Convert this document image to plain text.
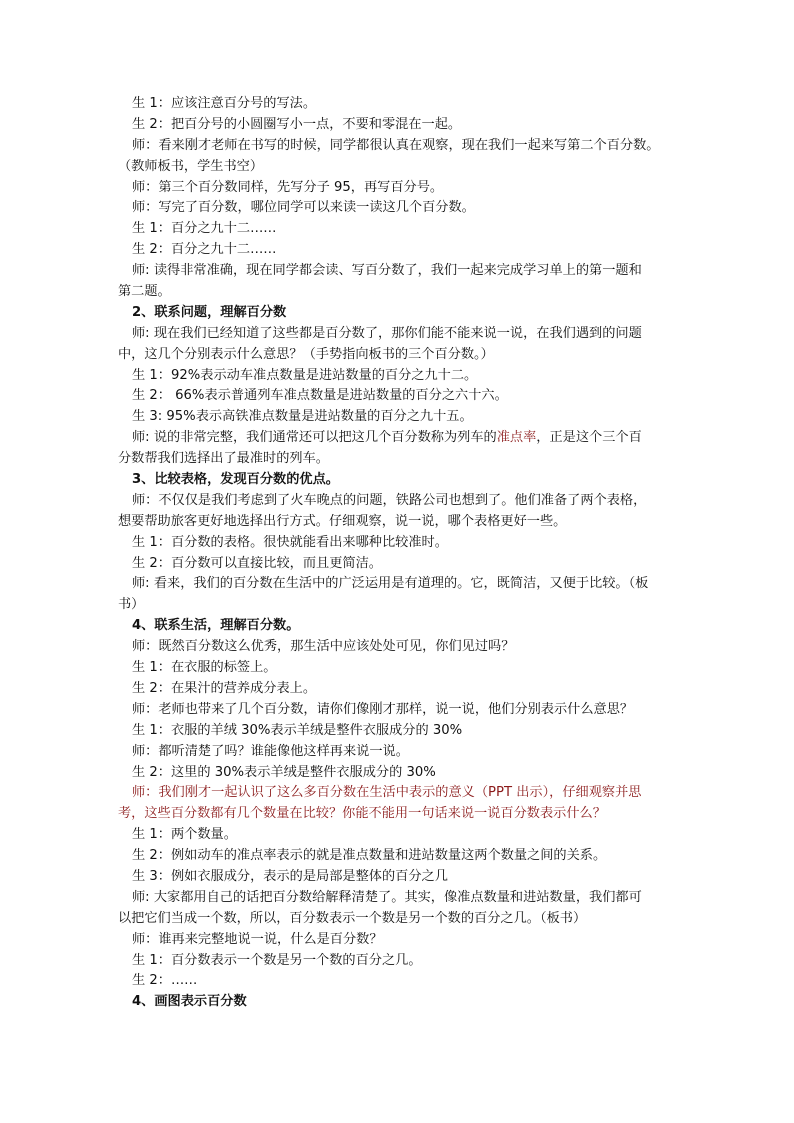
生 1：应该注意百分号的写法。

生 2：把百分号的小圆圈写小一点，不要和零混在一起。

师：看来刚才老师在书写的时候，同学都很认真在观察，现在我们一起来写第二个百分数。

（教师板书，学生书空）

师：第三个百分数同样，先写分子 95，再写百分号。

师：写完了百分数，哪位同学可以来读一读这几个百分数。

生 1：百分之九十二……

生 2：百分之九十二……

师: 读得非常准确，现在同学都会读、写百分数了，我们一起来完成学习单上的第一题和

第二题。

2、联系问题，理解百分数

师: 现在我们已经知道了这些都是百分数了，那你们能不能来说一说，在我们遇到的问题

中，这几个分别表示什么意思？（手势指向板书的三个百分数。）

生 1：92%表示动车准点数量是进站数量的百分之九十二。

生 2： 66%表示普通列车准点数量是进站数量的百分之六十六。

生 3: 95%表示高铁准点数量是进站数量的百分之九十五。

师: 说的非常完整，我们通常还可以把这几个百分数称为列车的准点率，正是这个三个百

分数帮我们选择出了最准时的列车。

3、比较表格，发现百分数的优点。

师：不仅仅是我们考虑到了火车晚点的问题，铁路公司也想到了。他们准备了两个表格，

想要帮助旅客更好地选择出行方式。仔细观察，说一说，哪个表格更好一些。

生 1：百分数的表格。很快就能看出来哪种比较准时。

生 2：百分数可以直接比较，而且更简洁。

师: 看来，我们的百分数在生活中的广泛运用是有道理的。它，既简洁，又便于比较。（板

书）

4、联系生活，理解百分数。

师：既然百分数这么优秀，那生活中应该处处可见，你们见过吗？

生 1：在衣服的标签上。

生 2：在果汁的营养成分表上。

师：老师也带来了几个百分数，请你们像刚才那样，说一说，他们分别表示什么意思？

生 1：衣服的羊绒 30%表示羊绒是整件衣服成分的 30%

师：都听清楚了吗？谁能像他这样再来说一说。

生 2：这里的 30%表示羊绒是整件衣服成分的 30%

师：我们刚才一起认识了这么多百分数在生活中表示的意义（PPT 出示），仔细观察并思

考，这些百分数都有几个数量在比较？你能不能用一句话来说一说百分数表示什么？

生 1：两个数量。

生 2：例如动车的准点率表示的就是准点数量和进站数量这两个数量之间的关系。

生 3：例如衣服成分，表示的是局部是整体的百分之几

师: 大家都用自己的话把百分数给解释清楚了。其实，像准点数量和进站数量，我们都可

以把它们当成一个数，所以，百分数表示一个数是另一个数的百分之几。（板书）

师：谁再来完整地说一说，什么是百分数？

生 1：百分数表示一个数是另一个数的百分之几。

生 2：……

4、画图表示百分数
